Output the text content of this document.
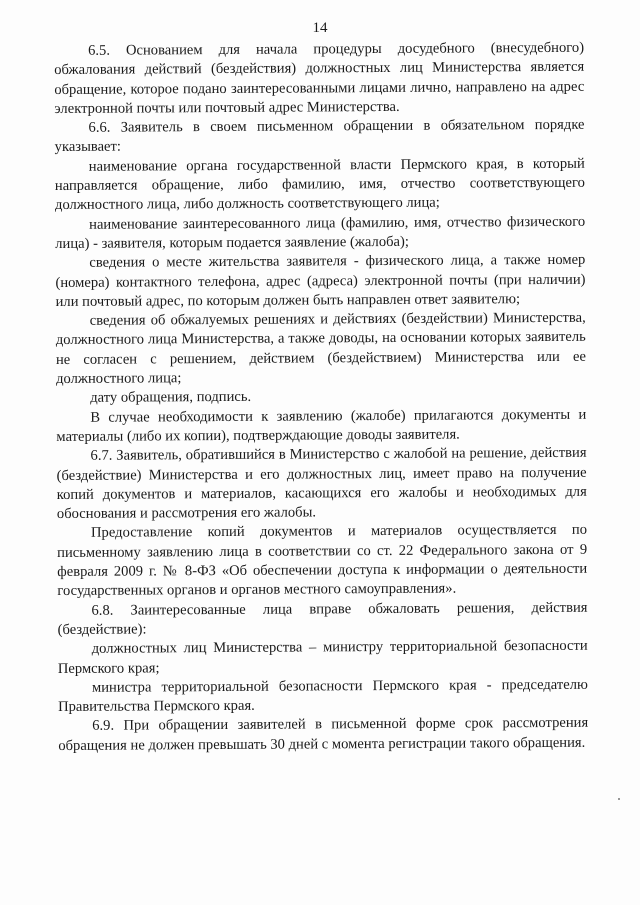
14

6.5. Основанием для начала процедуры досудебного (внесудебного) обжалования действий (бездействия) должностных лиц Министерства является обращение, которое подано заинтересованными лицами лично, направлено на адрес электронной почты или почтовый адрес Министерства.

6.6. Заявитель в своем письменном обращении в обязательном порядке указывает:

наименование органа государственной власти Пермского края, в который направляется обращение, либо фамилию, имя, отчество соответствующего должностного лица, либо должность соответствующего лица;

наименование заинтересованного лица (фамилию, имя, отчество физического лица) - заявителя, которым подается заявление (жалоба);

сведения о месте жительства заявителя - физического лица, а также номер (номера) контактного телефона, адрес (адреса) электронной почты (при наличии) или почтовый адрес, по которым должен быть направлен ответ заявителю;

сведения об обжалуемых решениях и действиях (бездействии) Министерства, должностного лица Министерства, а также доводы, на основании которых заявитель не согласен с решением, действием (бездействием) Министерства или ее должностного лица;

дату обращения, подпись.

В случае необходимости к заявлению (жалобе) прилагаются документы и материалы (либо их копии), подтверждающие доводы заявителя.

6.7. Заявитель, обратившийся в Министерство с жалобой на решение, действия (бездействие) Министерства и его должностных лиц, имеет право на получение копий документов и материалов, касающихся его жалобы и необходимых для обоснования и рассмотрения его жалобы.

Предоставление копий документов и материалов осуществляется по письменному заявлению лица в соответствии со ст. 22 Федерального закона от 9 февраля 2009 г. № 8-ФЗ «Об обеспечении доступа к информации о деятельности государственных органов и органов местного самоуправления».

6.8. Заинтересованные лица вправе обжаловать решения, действия (бездействие):

должностных лиц Министерства – министру территориальной безопасности Пермского края;

министра территориальной безопасности Пермского края - председателю Правительства Пермского края.

6.9. При обращении заявителей в письменной форме срок рассмотрения обращения не должен превышать 30 дней с момента регистрации такого обращения.
